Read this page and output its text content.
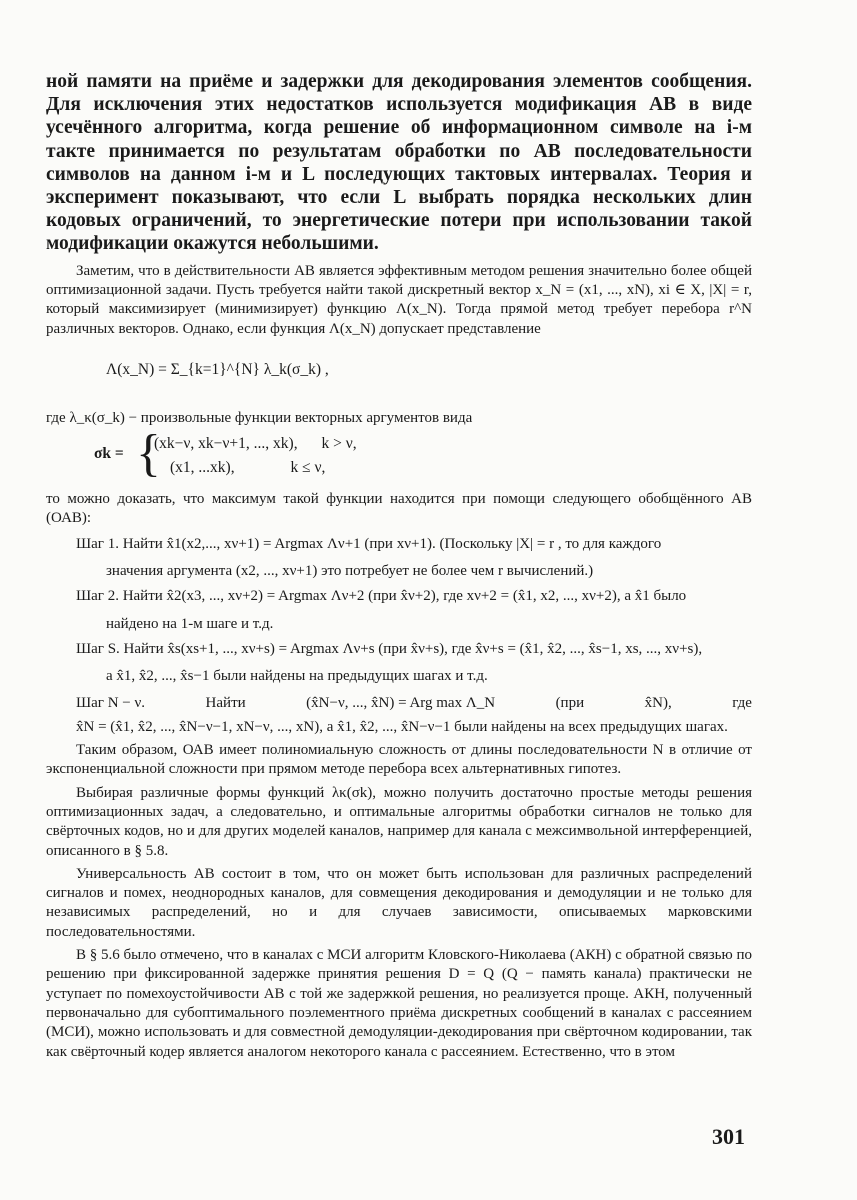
ной памяти на приёме и задержки для декодирования элементов сообщения. Для исключения этих недостатков используется модификация АВ в виде усечённого алгоритма, когда решение об информационном символе на i-м такте принимается по результатам обработки по АВ последовательности символов на данном i-м и L последующих тактовых интервалах. Теория и эксперимент показывают, что если L выбрать порядка нескольких длин кодовых ограничений, то энергетические потери при использовании такой модификации окажутся небольшими.

Заметим, что в действительности АВ является эффективным методом решения значительно более общей оптимизационной задачи. Пусть требуется найти такой дискретный вектор x_N = (x1, ..., xN), xi ∈ X, |X| = r, который максимизирует (минимизирует) функцию Λ(x_N). Тогда прямой метод требует перебора r^N различных векторов. Однако, если функция Λ(x_N) допускает представление

Λ(x_N) = Σ_{k=1}^{N} λ_k(σ_k) ,

где λ_κ(σ_k) − произвольные функции векторных аргументов вида

σk = {
(xk−ν, xk−ν+1, ..., xk), k > ν,
(x1, ...xk),	k ≤ ν,

то можно доказать, что максимум такой функции находится при помощи следующего обобщённого АВ (ОАВ):

Шаг 1. Найти x̂1(x2,..., xν+1) = Argmax Λν+1 (при xν+1). (Поскольку |X| = r , то для каждого
значения аргумента (x2, ..., xν+1) это потребует не более чем r вычислений.)
Шаг 2. Найти x̂2(x3, ..., xν+2) = Argmax Λν+2 (при x̂ν+2), где xν+2 = (x̂1, x2, ..., xν+2), а x̂1 было
найдено на 1-м шаге и т.д.
Шаг S. Найти x̂s(xs+1, ..., xν+s) = Argmax Λν+s (при x̂ν+s), где x̂ν+s = (x̂1, x̂2, ..., x̂s−1, xs, ..., xν+s),
а x̂1, x̂2, ..., x̂s−1 были найдены на предыдущих шагах и т.д.
Шаг N − ν.	Найти	(x̂N−ν, ..., x̂N) = Arg max Λ_N	(при	x̂N),	где
x̂N = (x̂1, x̂2, ..., x̂N−ν−1, xN−ν, ..., xN), а x̂1, x̂2, ..., x̂N−ν−1 были найдены на всех предыдущих шагах.

Таким образом, ОАВ имеет полиномиальную сложность от длины последовательности N в отличие от экспоненциальной сложности при прямом методе перебора всех альтернативных гипотез.

Выбирая различные формы функций λκ(σk), можно получить достаточно простые методы решения оптимизационных задач, а следовательно, и оптимальные алгоритмы обработки сигналов не только для свёрточных кодов, но и для других моделей каналов, например для канала с межсимвольной интерференцией, описанного в § 5.8.

Универсальность АВ состоит в том, что он может быть использован для различных распределений сигналов и помех, неоднородных каналов, для совмещения декодирования и демодуляции и не только для независимых распределений, но и для случаев зависимости, описываемых марковскими последовательностями.

В § 5.6 было отмечено, что в каналах с МСИ алгоритм Кловского-Николаева (АКН) с обратной связью по решению при фиксированной задержке принятия решения D = Q (Q − память канала) практически не уступает по помехоустойчивости АВ с той же задержкой решения, но реализуется проще. АКН, полученный первоначально для субоптимального поэлементного приёма дискретных сообщений в каналах с рассеянием (МСИ), можно использовать и для совместной демодуляции-декодирования при свёрточном кодировании, так как свёрточный кодер является аналогом некоторого канала с рассеянием. Естественно, что в этом

301
